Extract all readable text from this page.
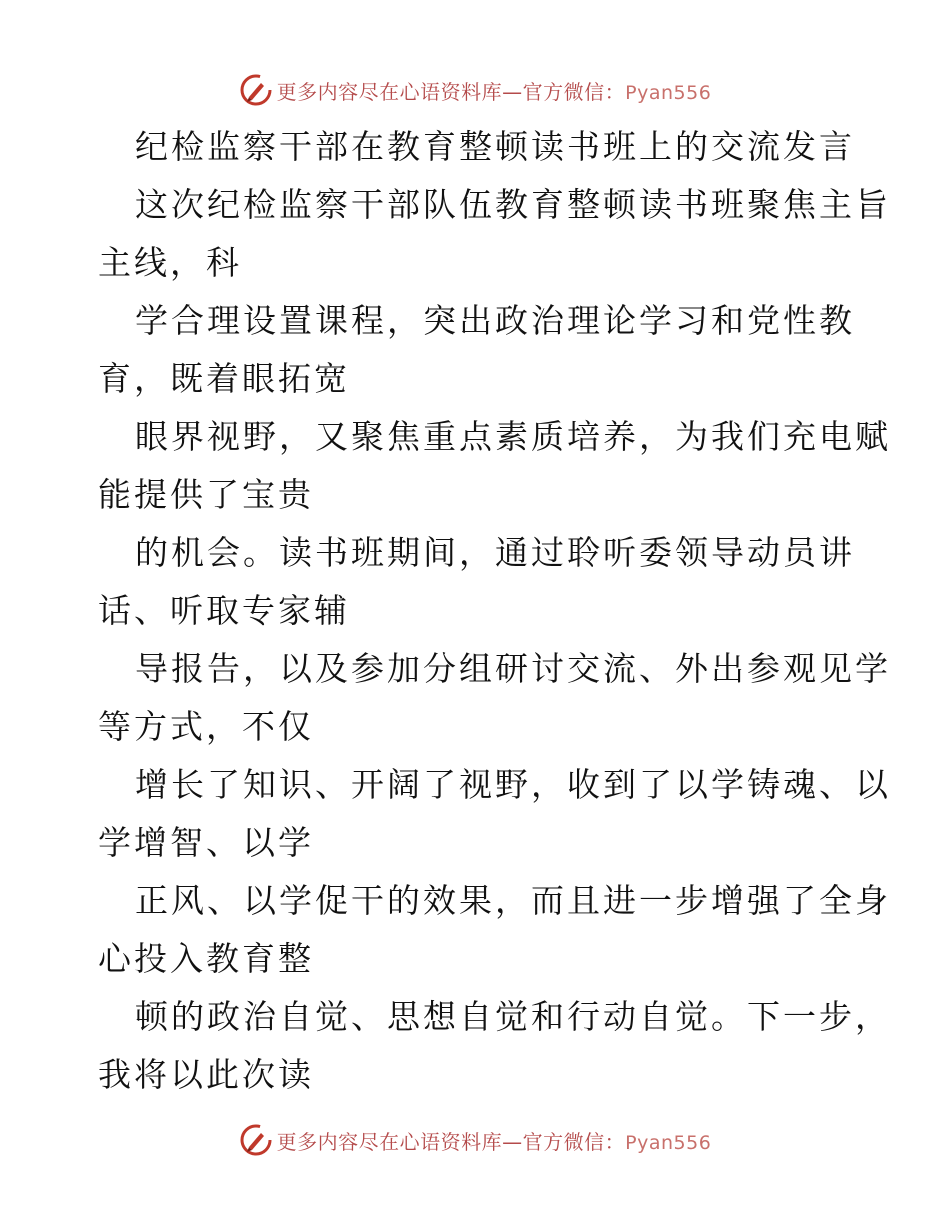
更多内容尽在心语资料库—官方微信：Pyan556
纪检监察干部在教育整顿读书班上的交流发言
这次纪检监察干部队伍教育整顿读书班聚焦主旨
主线，科
学合理设置课程，突出政治理论学习和党性教
育，既着眼拓宽
眼界视野，又聚焦重点素质培养，为我们充电赋
能提供了宝贵
的机会。读书班期间，通过聆听委领导动员讲
话、听取专家辅
导报告，以及参加分组研讨交流、外出参观见学
等方式，不仅
增长了知识、开阔了视野，收到了以学铸魂、以
学增智、以学
正风、以学促干的效果，而且进一步增强了全身
心投入教育整
顿的政治自觉、思想自觉和行动自觉。下一步，
我将以此次读
更多内容尽在心语资料库—官方微信：Pyan556
